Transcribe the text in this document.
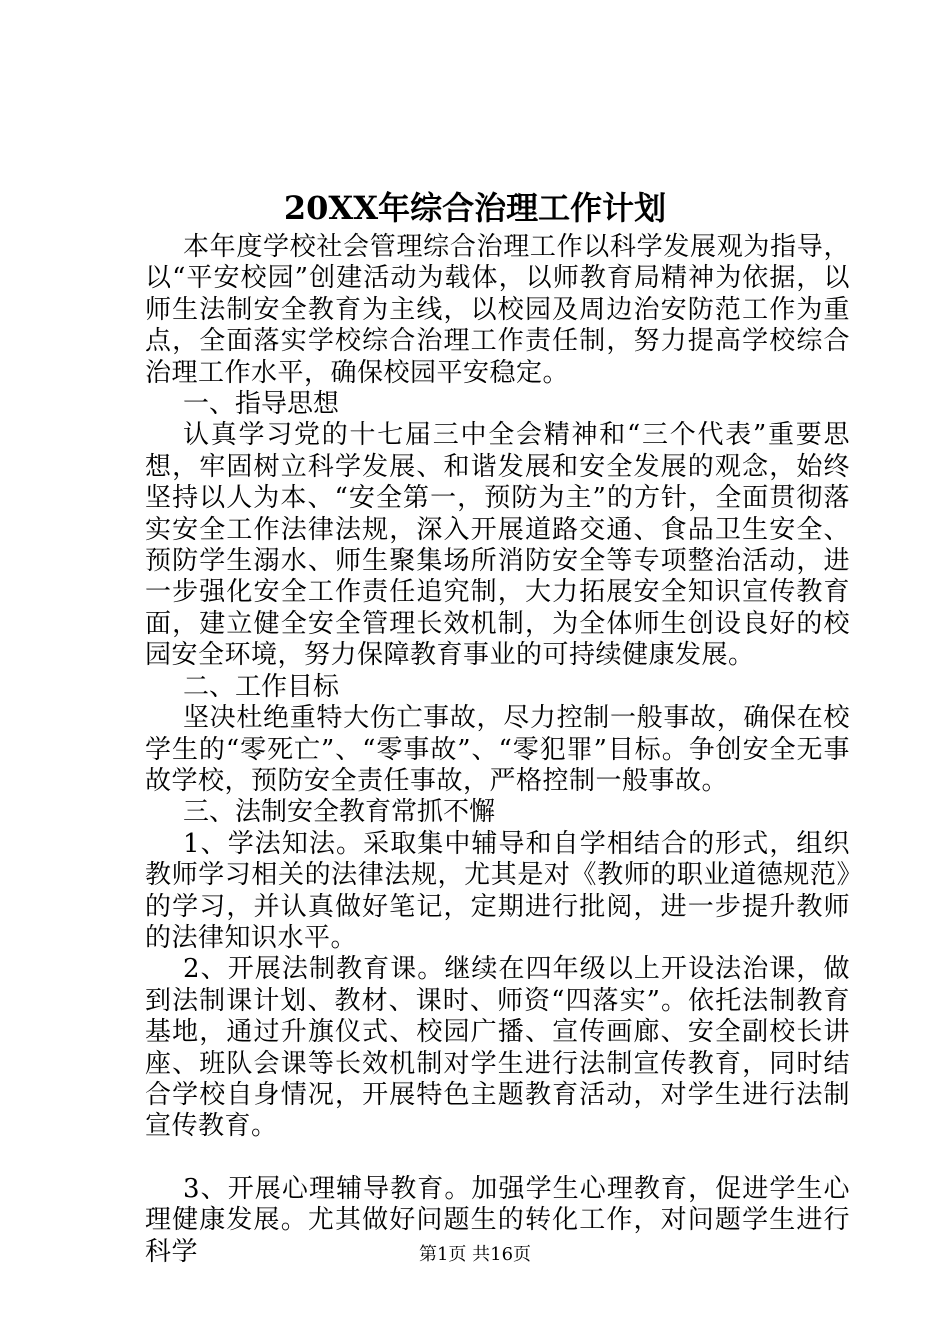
20XX年综合治理工作计划

本年度学校社会管理综合治理工作以科学发展观为指导，以“平安校园”创建活动为载体，以师教育局精神为依据，以师生法制安全教育为主线，以校园及周边治安防范工作为重点，全面落实学校综合治理工作责任制，努力提高学校综合治理工作水平，确保校园平安稳定。

一、指导思想

认真学习党的十七届三中全会精神和“三个代表”重要思想，牢固树立科学发展、和谐发展和安全发展的观念，始终坚持以人为本、“安全第一，预防为主”的方针，全面贯彻落实安全工作法律法规，深入开展道路交通、食品卫生安全、预防学生溺水、师生聚集场所消防安全等专项整治活动，进一步强化安全工作责任追究制，大力拓展安全知识宣传教育面，建立健全安全管理长效机制，为全体师生创设良好的校园安全环境，努力保障教育事业的可持续健康发展。

二、工作目标

坚决杜绝重特大伤亡事故，尽力控制一般事故，确保在校学生的“零死亡”、“零事故”、“零犯罪”目标。争创安全无事故学校，预防安全责任事故，严格控制一般事故。

三、法制安全教育常抓不懈

1、学法知法。采取集中辅导和自学相结合的形式，组织教师学习相关的法律法规，尤其是对《教师的职业道德规范》的学习，并认真做好笔记，定期进行批阅，进一步提升教师的法律知识水平。

2、开展法制教育课。继续在四年级以上开设法治课，做到法制课计划、教材、课时、师资“四落实”。依托法制教育基地，通过升旗仪式、校园广播、宣传画廊、安全副校长讲座、班队会课等长效机制对学生进行法制宣传教育，同时结合学校自身情况，开展特色主题教育活动，对学生进行法制宣传教育。

3、开展心理辅导教育。加强学生心理教育，促进学生心理健康发展。尤其做好问题生的转化工作，对问题学生进行科学	第1页 共16页
